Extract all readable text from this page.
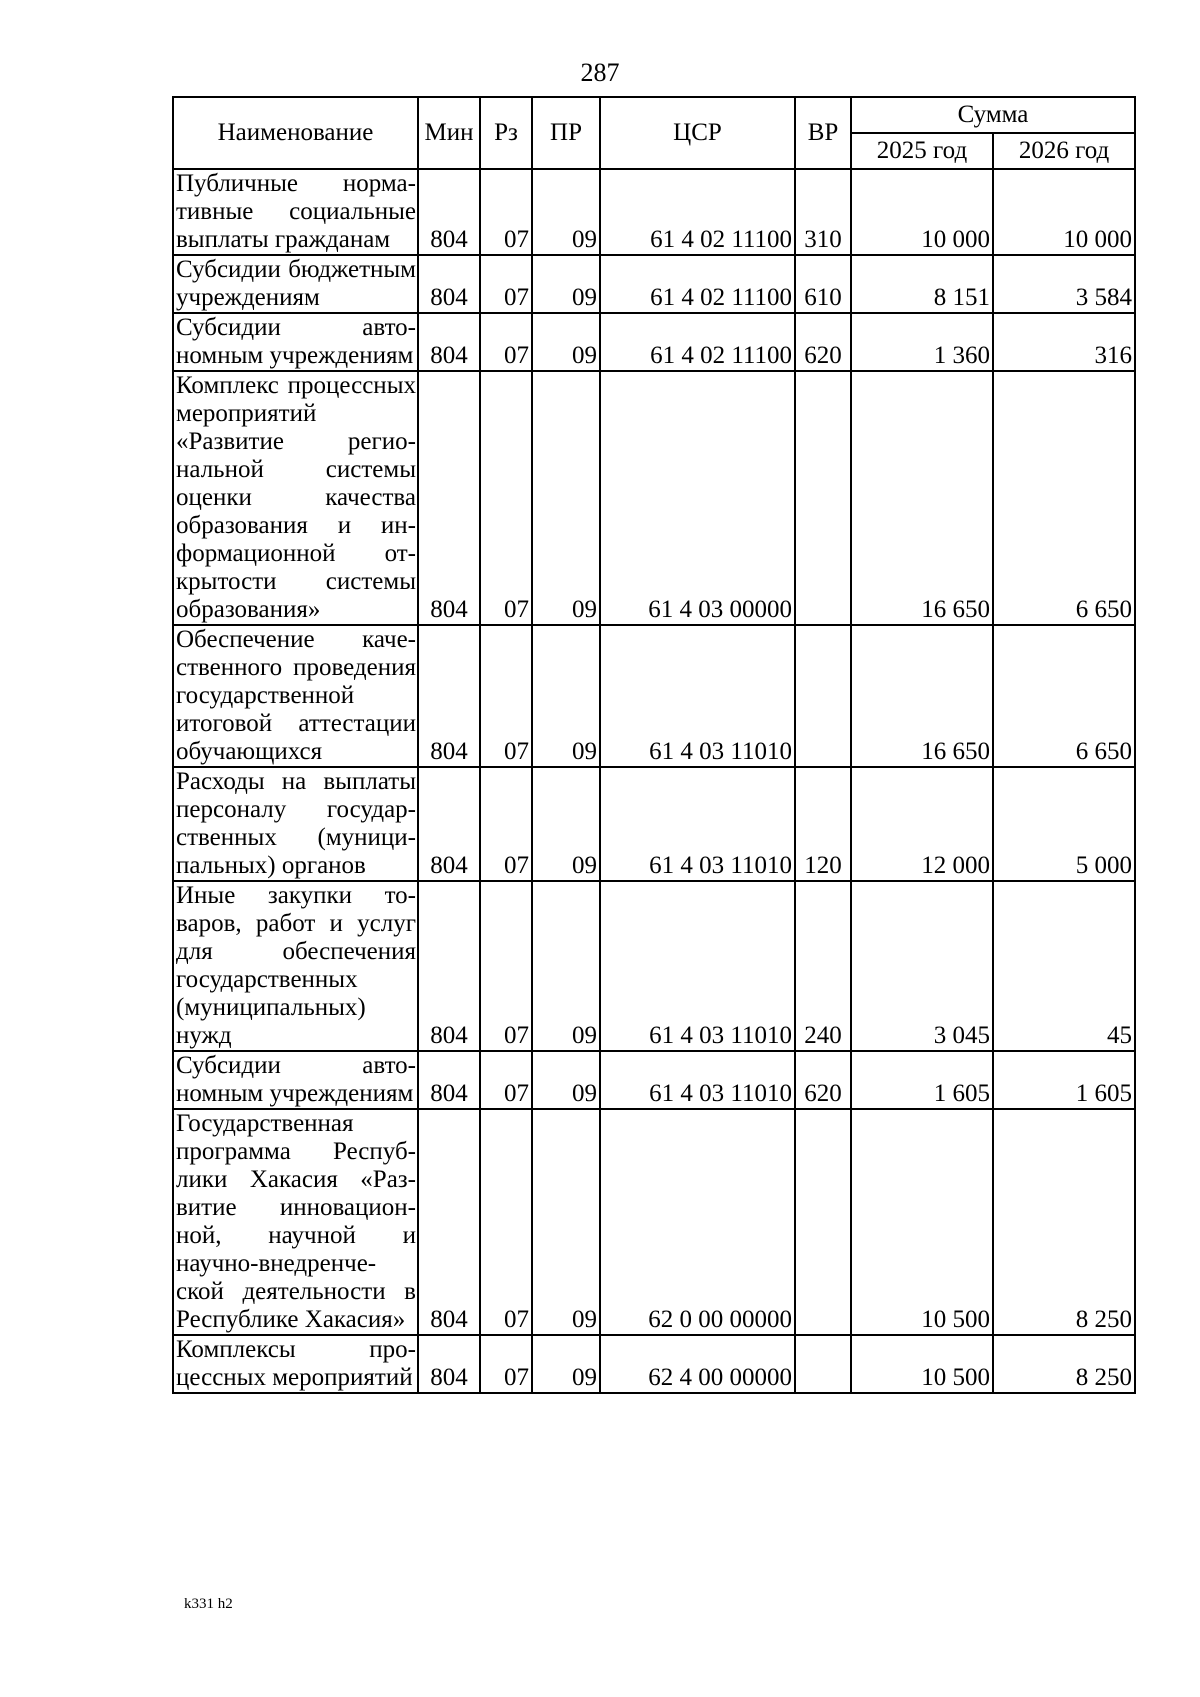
287
Наименование	Мин	Рз	ПР	ЦСР	ВР	Сумма	
						2025 год	2026 год
Публичные нормативные социальные выплаты гражданам	804	07	09	61 4 02 11100	310	10 000	10 000
Субсидии бюджетным учреждениям	804	07	09	61 4 02 11100	610	8 151	3 584
Субсидии автономным учреждениям	804	07	09	61 4 02 11100	620	1 360	316
Комплекс процессных мероприятий «Развитие региональной системы оценки качества образования и информационной открытости системы образования»	804	07	09	61 4 03 00000		16 650	6 650
Обеспечение качественного проведения государственной итоговой аттестации обучающихся	804	07	09	61 4 03 11010		16 650	6 650
Расходы на выплаты персоналу государственных (муниципальных) органов	804	07	09	61 4 03 11010	120	12 000	5 000
Иные закупки товаров, работ и услуг для обеспечения государственных (муниципальных) нужд	804	07	09	61 4 03 11010	240	3 045	45
Субсидии автономным учреждениям	804	07	09	61 4 03 11010	620	1 605	1 605
Государственная программа Республики Хакасия «Развитие инновационной, научной и научно-внедренческой деятельности в Республике Хакасия»	804	07	09	62 0 00 00000		10 500	8 250
Комплексы процессных мероприятий	804	07	09	62 4 00 00000		10 500	8 250
k331 h2
